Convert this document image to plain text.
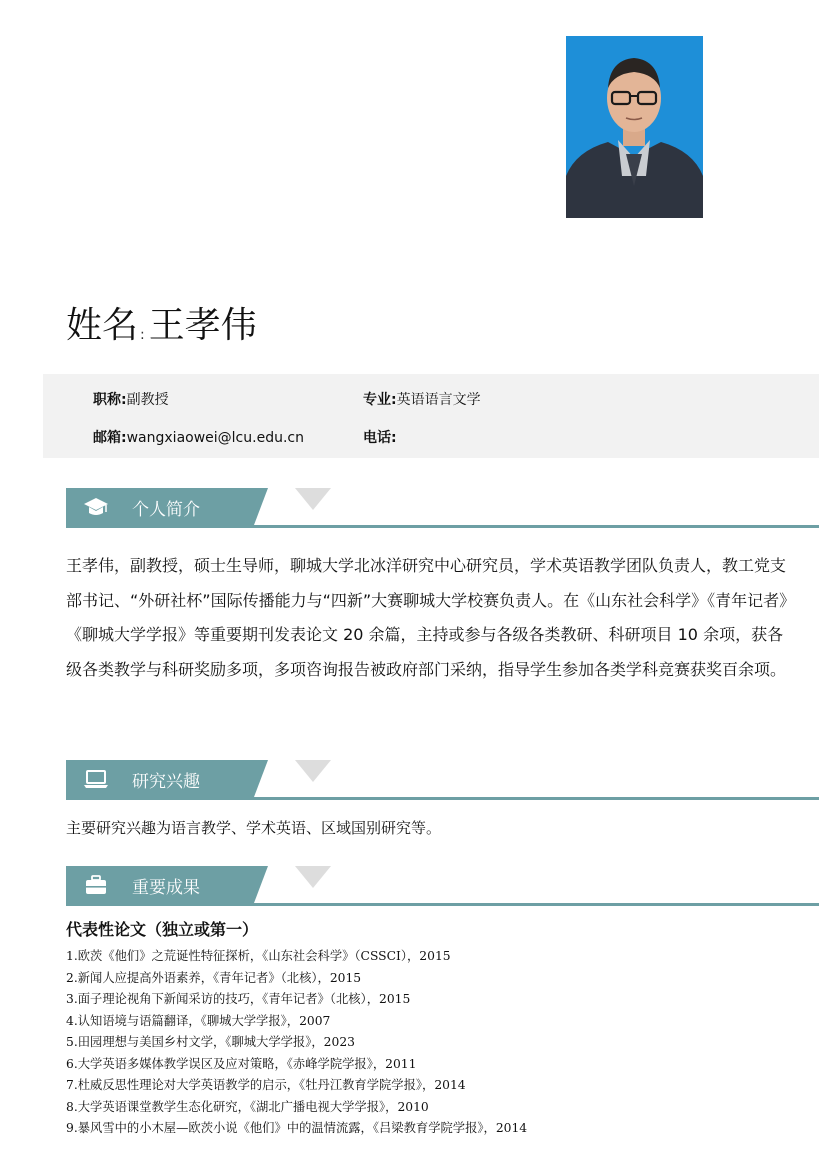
姓名 : 王孝伟
职称:副教授	专业:英语语言文学
邮箱:wangxiaowei@lcu.edu.cn	电话:
个人简介
王孝伟，副教授，硕士生导师，聊城大学北冰洋研究中心研究员，学术英语教学团队负责人，教工党支部书记、“外研社杯”国际传播能力与“四新”大赛聊城大学校赛负责人。在《山东社会科学》《青年记者》《聊城大学学报》等重要期刊发表论文 20 余篇，主持或参与各级各类教研、科研项目 10 余项，获各级各类教学与科研奖励多项，多项咨询报告被政府部门采纳，指导学生参加各类学科竞赛获奖百余项。
研究兴趣
主要研究兴趣为语言教学、学术英语、区域国别研究等。
重要成果
代表性论文（独立或第一）
1.欧茨《他们》之荒诞性特征探析，《山东社会科学》（CSSCI），2015
2.新闻人应提高外语素养，《青年记者》（北核），2015
3.面子理论视角下新闻采访的技巧，《青年记者》（北核），2015
4.认知语境与语篇翻译，《聊城大学学报》，2007
5.田园理想与美国乡村文学，《聊城大学学报》，2023
6.大学英语多媒体教学误区及应对策略，《赤峰学院学报》，2011
7.杜威反思性理论对大学英语教学的启示，《牡丹江教育学院学报》，2014
8.大学英语课堂教学生态化研究，《湖北广播电视大学学报》，2010
9.暴风雪中的小木屋—欧茨小说《他们》中的温情流露，《吕梁教育学院学报》，2014
